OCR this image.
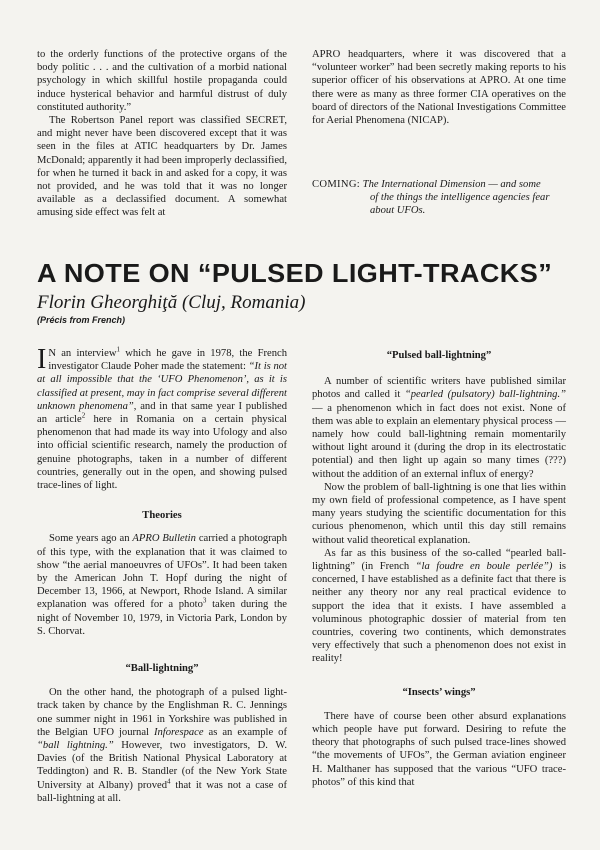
to the orderly functions of the protective organs of the body politic . . . and the cultivation of a morbid national psychology in which skillful hostile propaganda could induce hysterical behavior and harmful distrust of duly constituted authority.”

The Robertson Panel report was classified SECRET, and might never have been discovered except that it was seen in the files at ATIC headquarters by Dr. James McDonald; apparently it had been improperly declassified, for when he turned it back in and asked for a copy, it was not provided, and he was told that it was no longer available as a declassified document. A somewhat amusing side effect was felt at

APRO headquarters, where it was discovered that a “volunteer worker” had been secretly making reports to his superior officer of his observations at APRO. At one time there were as many as three former CIA operatives on the board of directors of the National Investigations Committee for Aerial Phenomena (NICAP).

COMING: The International Dimension — and some
of the things the intelligence agencies fear about UFOs.
A NOTE ON “PULSED LIGHT-TRACKS”
Florin Gheorghiţă (Cluj, Romania)
(Précis from French)

I N an interview$^1$ which he gave in 1978, the French investigator Claude Poher made the statement: “It is not at all impossible that the ‘UFO Phenomenon’, as it is classified at present, may in fact comprise several different unknown phenomena”, and in that same year I published an article$^2$ here in Romania on a certain physical phenomenon that had made its way into Ufology and also into official scientific research, namely the production of genuine photographs, taken in a number of different countries, generally out in the open, and showing pulsed trace-lines of light.

Theories

Some years ago an APRO Bulletin carried a photograph of this type, with the explanation that it was claimed to show “the aerial manoeuvres of UFOs”. It had been taken by the American John T. Hopf during the night of December 13, 1966, at Newport, Rhode Island. A similar explanation was offered for a photo$^3$ taken during the night of November 10, 1979, in Victoria Park, London by S. Chorvat.

“Ball-lightning”

On the other hand, the photograph of a pulsed light-track taken by chance by the Englishman R. C. Jennings one summer night in 1961 in Yorkshire was published in the Belgian UFO journal Inforespace as an example of “ball lightning.” However, two investigators, D. W. Davies (of the British National Physical Laboratory at Teddington) and R. B. Standler (of the New York State University at Albany) proved$^4$ that it was not a case of ball-lightning at all.

“Pulsed ball-lightning”

A number of scientific writers have published similar photos and called it “pearled (pulsatory) ball-lightning.” — a phenomenon which in fact does not exist. None of them was able to explain an elementary physical process — namely how could ball-lightning remain momentarily without light around it (during the drop in its electrostatic potential) and then light up again so many times (???) without the addition of an external influx of energy?

Now the problem of ball-lightning is one that lies within my own field of professional competence, as I have spent many years studying the scientific documentation for this curious phenomenon, which until this day still remains without valid theoretical explanation.

As far as this business of the so-called “pearled ball-lightning” (in French “la foudre en boule perlée”) is concerned, I have established as a definite fact that there is neither any theory nor any real practical evidence to support the idea that it exists. I have assembled a voluminous photographic dossier of material from ten countries, covering two continents, which demonstrates very effectively that such a phenomenon does not exist in reality!

“Insects’ wings”

There have of course been other absurd explanations which people have put forward. Desiring to refute the theory that photographs of such pulsed trace-lines showed “the movements of UFOs”, the German aviation engineer H. Malthaner has supposed that the various “UFO trace-photos” of this kind that
